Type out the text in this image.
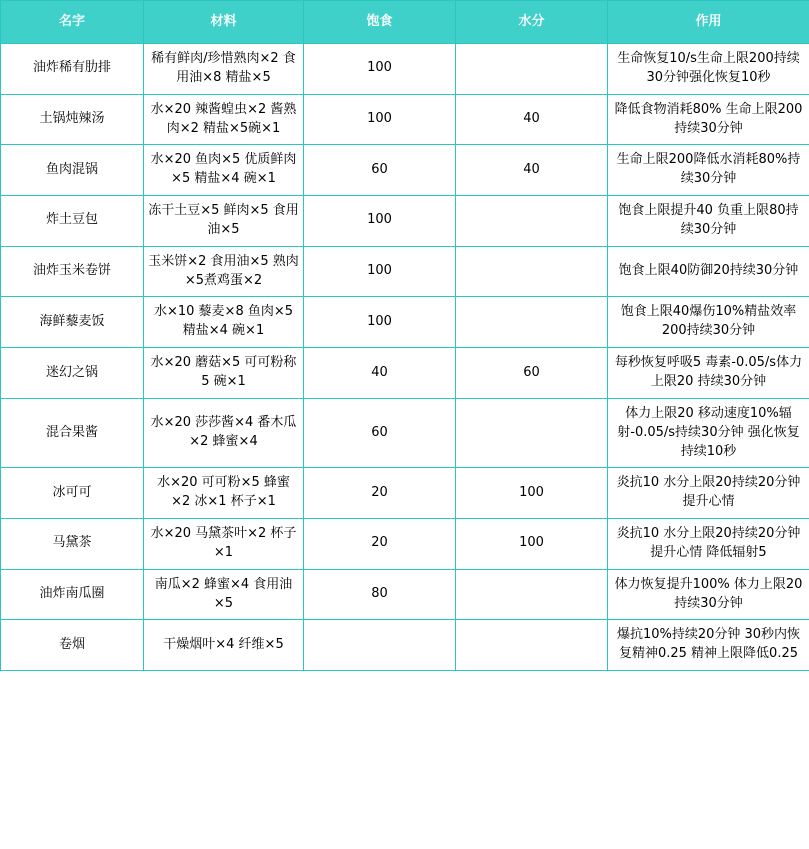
名字	材料	饱食	水分	作用
油炸稀有肋排	稀有鲜肉/珍惜熟肉×2 食用油×8 精盐×5	100		生命恢复10/s生命上限200持续30分钟强化恢复10秒
土锅炖辣汤	水×20 辣酱蝗虫×2 酱熟肉×2 精盐×5碗×1	100	40	降低食物消耗80% 生命上限200持续30分钟
鱼肉混锅	水×20 鱼肉×5 优质鲜肉×5 精盐×4 碗×1	60	40	生命上限200降低水消耗80%持续30分钟
炸土豆包	冻干土豆×5 鲜肉×5 食用油×5	100		饱食上限提升40 负重上限80持续30分钟
油炸玉米卷饼	玉米饼×2 食用油×5 熟肉×5煮鸡蛋×2	100		饱食上限40防御20持续30分钟
海鲜藜麦饭	水×10 藜麦×8 鱼肉×5 精盐×4 碗×1	100		饱食上限40爆伤10%精盐效率200持续30分钟
迷幻之锅	水×20 蘑菇×5 可可粉称5 碗×1	40	60	每秒恢复呼吸5 毒素-0.05/s体力上限20 持续30分钟
混合果酱	水×20 莎莎酱×4 番木瓜×2 蜂蜜×4	60		体力上限20 移动速度10%辐射-0.05/s持续30分钟 强化恢复持续10秒
冰可可	水×20 可可粉×5 蜂蜜×2 冰×1 杯子×1	20	100	炎抗10 水分上限20持续20分钟提升心情
马黛茶	水×20 马黛茶叶×2 杯子×1	20	100	炎抗10 水分上限20持续20分钟提升心情 降低辐射5
油炸南瓜圈	南瓜×2 蜂蜜×4 食用油×5	80		体力恢复提升100% 体力上限20持续30分钟
卷烟	干燥烟叶×4 纤维×5			爆抗10%持续20分钟 30秒内恢复精神0.25 精神上限降低0.25
